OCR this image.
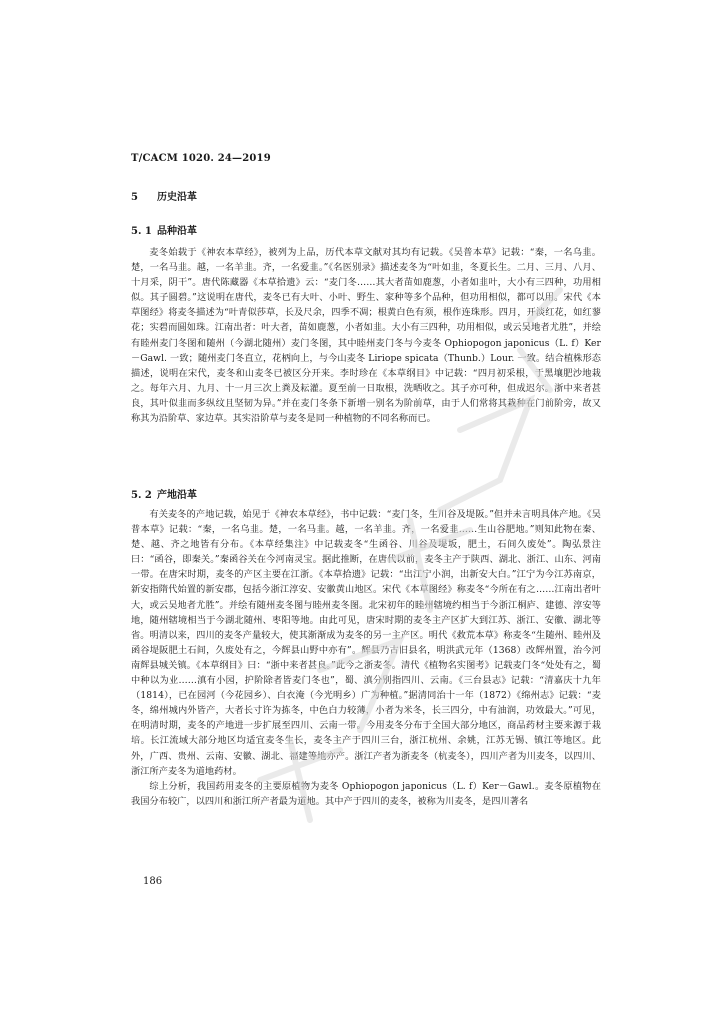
T/CACM 1020. 24—2019

5 历史沿革

5. 1 品种沿革

麦冬始载于《神农本草经》，被列为上品，历代本草文献对其均有记载。《吴普本草》记载：“秦，一名乌韭。楚，一名马韭。越，一名羊韭。齐，一名爱韭。”《名医别录》描述麦冬为“叶如韭，冬夏长生。二月、三月、八月、十月采，阴干”。唐代陈藏器《本草拾遗》云：“麦门冬……其大者苗如鹿葱，小者如韭叶，大小有三四种，功用相似。其子圆碧。”这说明在唐代，麦冬已有大叶、小叶、野生、家种等多个品种，但功用相似，都可以用。宋代《本草图经》将麦冬描述为“叶青似莎草，长及尺余，四季不凋；根黄白色有须，根作连珠形。四月，开淡红花，如红蓼花；实碧而圆如珠。江南出者：叶大者，苗如鹿葱，小者如韭。大小有三四种，功用相似，或云吴地者尤胜”，并绘有睦州麦门冬图和随州（今湖北随州）麦门冬图，其中睦州麦门冬与今麦冬 Ophiopogon japonicus（L. f）Ker－Gawl. 一致；随州麦门冬直立，花柄向上，与今山麦冬 Liriope spicata（Thunb.）Lour. 一致。结合植株形态描述，说明在宋代，麦冬和山麦冬已被区分开来。李时珍在《本草纲目》中记载：“四月初采根，于黑壤肥沙地栽之。每年六月、九月、十一月三次上粪及耘灌。夏至前一日取根，洗晒收之。其子亦可种，但成迟尔。浙中来者甚良，其叶似韭而多纵纹且坚韧为异。”并在麦门冬条下新增一别名为阶前草，由于人们常将其栽种在门前阶旁，故又称其为沿阶草、家边草。其实沿阶草与麦冬是同一种植物的不同名称而已。

5. 2 产地沿革

有关麦冬的产地记载，始见于《神农本草经》，书中记载：“麦门冬，生川谷及堤阪。”但并未言明具体产地。《吴普本草》记载：“秦，一名乌韭。楚，一名马韭。越，一名羊韭。齐，一名爱韭……生山谷肥地。”则知此物在秦、楚、越、齐之地皆有分布。《本草经集注》中记载麦冬“生函谷、川谷及堤坂，肥土，石间久废处”。陶弘景注曰：“函谷，即秦关。”秦函谷关在今河南灵宝。据此推断，在唐代以前，麦冬主产于陕西、湖北、浙江、山东、河南一带。在唐宋时期，麦冬的产区主要在江浙。《本草拾遗》记载：“出江宁小润，出新安大白。”江宁为今江苏南京，新安指隋代始置的新安郡，包括今浙江淳安、安徽黄山地区。宋代《本草图经》称麦冬“今所在有之……江南出者叶大，或云吴地者尤胜”。并绘有随州麦冬图与睦州麦冬图。北宋初年的睦州辖境约相当于今浙江桐庐、建德、淳安等地，随州辖境相当于今湖北随州、枣阳等地。由此可见，唐宋时期的麦冬主产区扩大到江苏、浙江、安徽、湖北等省。明清以来，四川的麦冬产量较大，使其渐渐成为麦冬的另一主产区。明代《救荒本草》称麦冬“生随州、睦州及函谷堤阪肥土石间，久废处有之，今辉县山野中亦有”。辉县乃古旧县名，明洪武元年（1368）改辉州置，治今河南辉县城关镇。《本草纲目》曰：“浙中来者甚良。”此今之浙麦冬。清代《植物名实图考》记载麦门冬“处处有之，蜀中种以为业……滇有小园，护阶除者皆麦门冬也”，蜀、滇分别指四川、云南。《三台县志》记载：“清嘉庆十九年（1814），已在园河（今花园乡）、白衣淹（今光明乡）广为种植。”据清同治十一年（1872）《绵州志》记载：“麦冬，绵州城内外皆产，大者长寸许为拣冬，中色白力较薄，小者为米冬，长三四分，中有油润，功效最大。”可见，在明清时期，麦冬的产地进一步扩展至四川、云南一带。今用麦冬分布于全国大部分地区，商品药材主要来源于栽培。长江流域大部分地区均适宜麦冬生长，麦冬主产于四川三台，浙江杭州、余姚，江苏无锡、镇江等地区。此外，广西、贵州、云南、安徽、湖北、福建等地亦产。浙江产者为浙麦冬（杭麦冬），四川产者为川麦冬，以四川、浙江所产麦冬为道地药材。

综上分析，我国药用麦冬的主要原植物为麦冬 Ophiopogon japonicus（L. f）Ker－Gawl.。麦冬原植物在我国分布较广，以四川和浙江所产者最为道地。其中产于四川的麦冬，被称为川麦冬，是四川著名

186
